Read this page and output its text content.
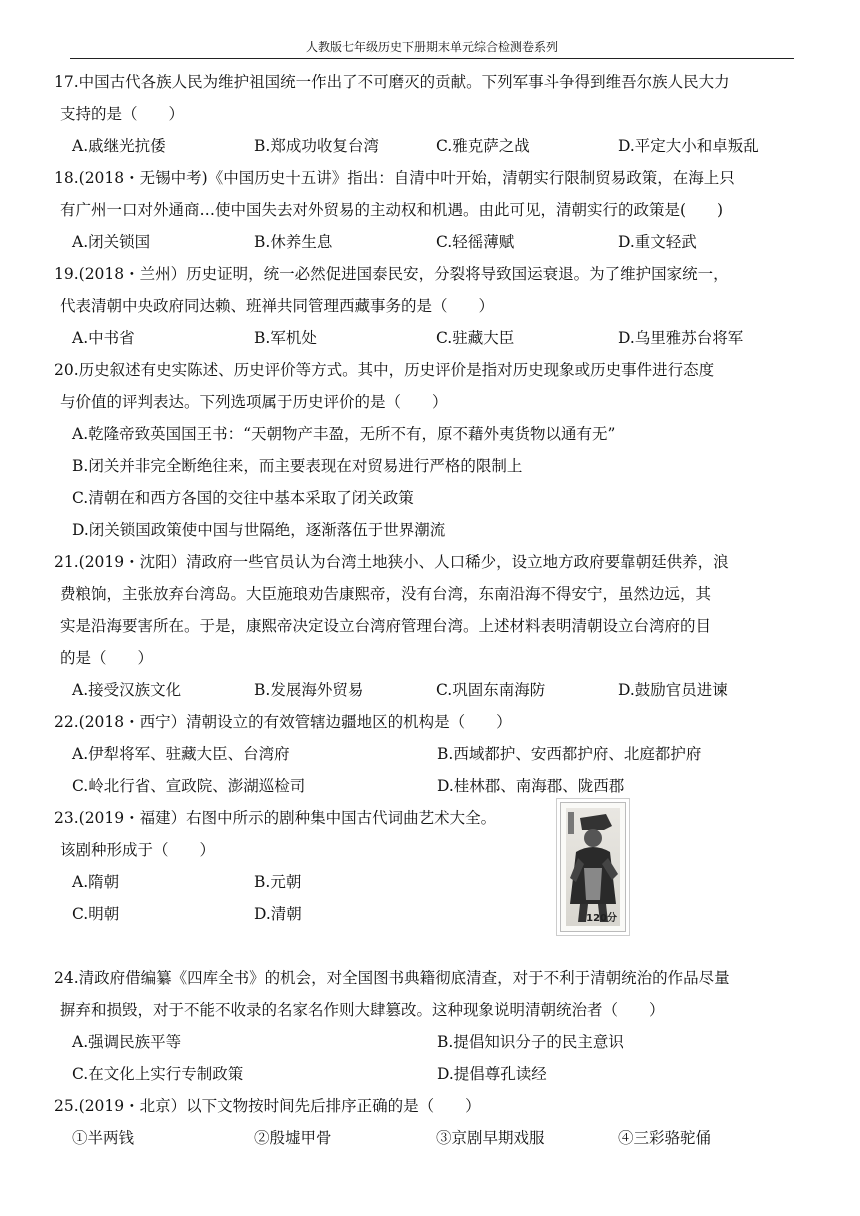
人教版七年级历史下册期末单元综合检测卷系列
17.中国古代各族人民为维护祖国统一作出了不可磨灭的贡献。下列军事斗争得到维吾尔族人民大力
支持的是（　　）
A.戚继光抗倭	B.郑成功收复台湾	C.雅克萨之战	D.平定大小和卓叛乱
18.(2018・无锡中考)《中国历史十五讲》指出：自清中叶开始，清朝实行限制贸易政策，在海上只
有广州一口对外通商…使中国失去对外贸易的主动权和机遇。由此可见，清朝实行的政策是(　　)
A.闭关锁国	B.休养生息	C.轻徭薄赋	D.重文轻武
19.(2018・兰州）历史证明，统一必然促进国泰民安，分裂将导致国运衰退。为了维护国家统一，
代表清朝中央政府同达赖、班禅共同管理西藏事务的是（　　）
A.中书省	B.军机处	C.驻藏大臣	D.乌里雅苏台将军
20.历史叙述有史实陈述、历史评价等方式。其中，历史评价是指对历史现象或历史事件进行态度
与价值的评判表达。下列选项属于历史评价的是（　　）
A.乾隆帝致英国国王书：“天朝物产丰盈，无所不有，原不藉外夷货物以通有无”
B.闭关并非完全断绝往来，而主要表现在对贸易进行严格的限制上
C.清朝在和西方各国的交往中基本采取了闭关政策
D.闭关锁国政策使中国与世隔绝，逐渐落伍于世界潮流
21.(2019・沈阳）清政府一些官员认为台湾土地狭小、人口稀少，设立地方政府要靠朝廷供养，浪
费粮饷，主张放弃台湾岛。大臣施琅劝告康熙帝，没有台湾，东南沿海不得安宁，虽然边远，其
实是沿海要害所在。于是，康熙帝决定设立台湾府管理台湾。上述材料表明清朝设立台湾府的目
的是（　　）
A.接受汉族文化	B.发展海外贸易	C.巩固东南海防	D.鼓励官员进谏
22.(2018・西宁）清朝设立的有效管辖边疆地区的机构是（　　）
A.伊犁将军、驻藏大臣、台湾府	B.西域都护、安西都护府、北庭都护府
C.岭北行省、宣政院、澎湖巡检司	D.桂林郡、南海郡、陇西郡
23.(2019・福建）右图中所示的剧种集中国古代词曲艺术大全。
该剧种形成于（　　）
A.隋朝	B.元朝
C.明朝	D.清朝
24.清政府借编纂《四库全书》的机会，对全国图书典籍彻底清查，对于不利于清朝统治的作品尽量
摒弃和损毁，对于不能不收录的名家名作则大肆篡改。这种现象说明清朝统治者（　　）
A.强调民族平等	B.提倡知识分子的民主意识
C.在文化上实行专制政策	D.提倡尊孔读经
25.(2019・北京）以下文物按时间先后排序正确的是（　　）
①半两钱	②殷墟甲骨	③京剧早期戏服	④三彩骆驼俑
120分
